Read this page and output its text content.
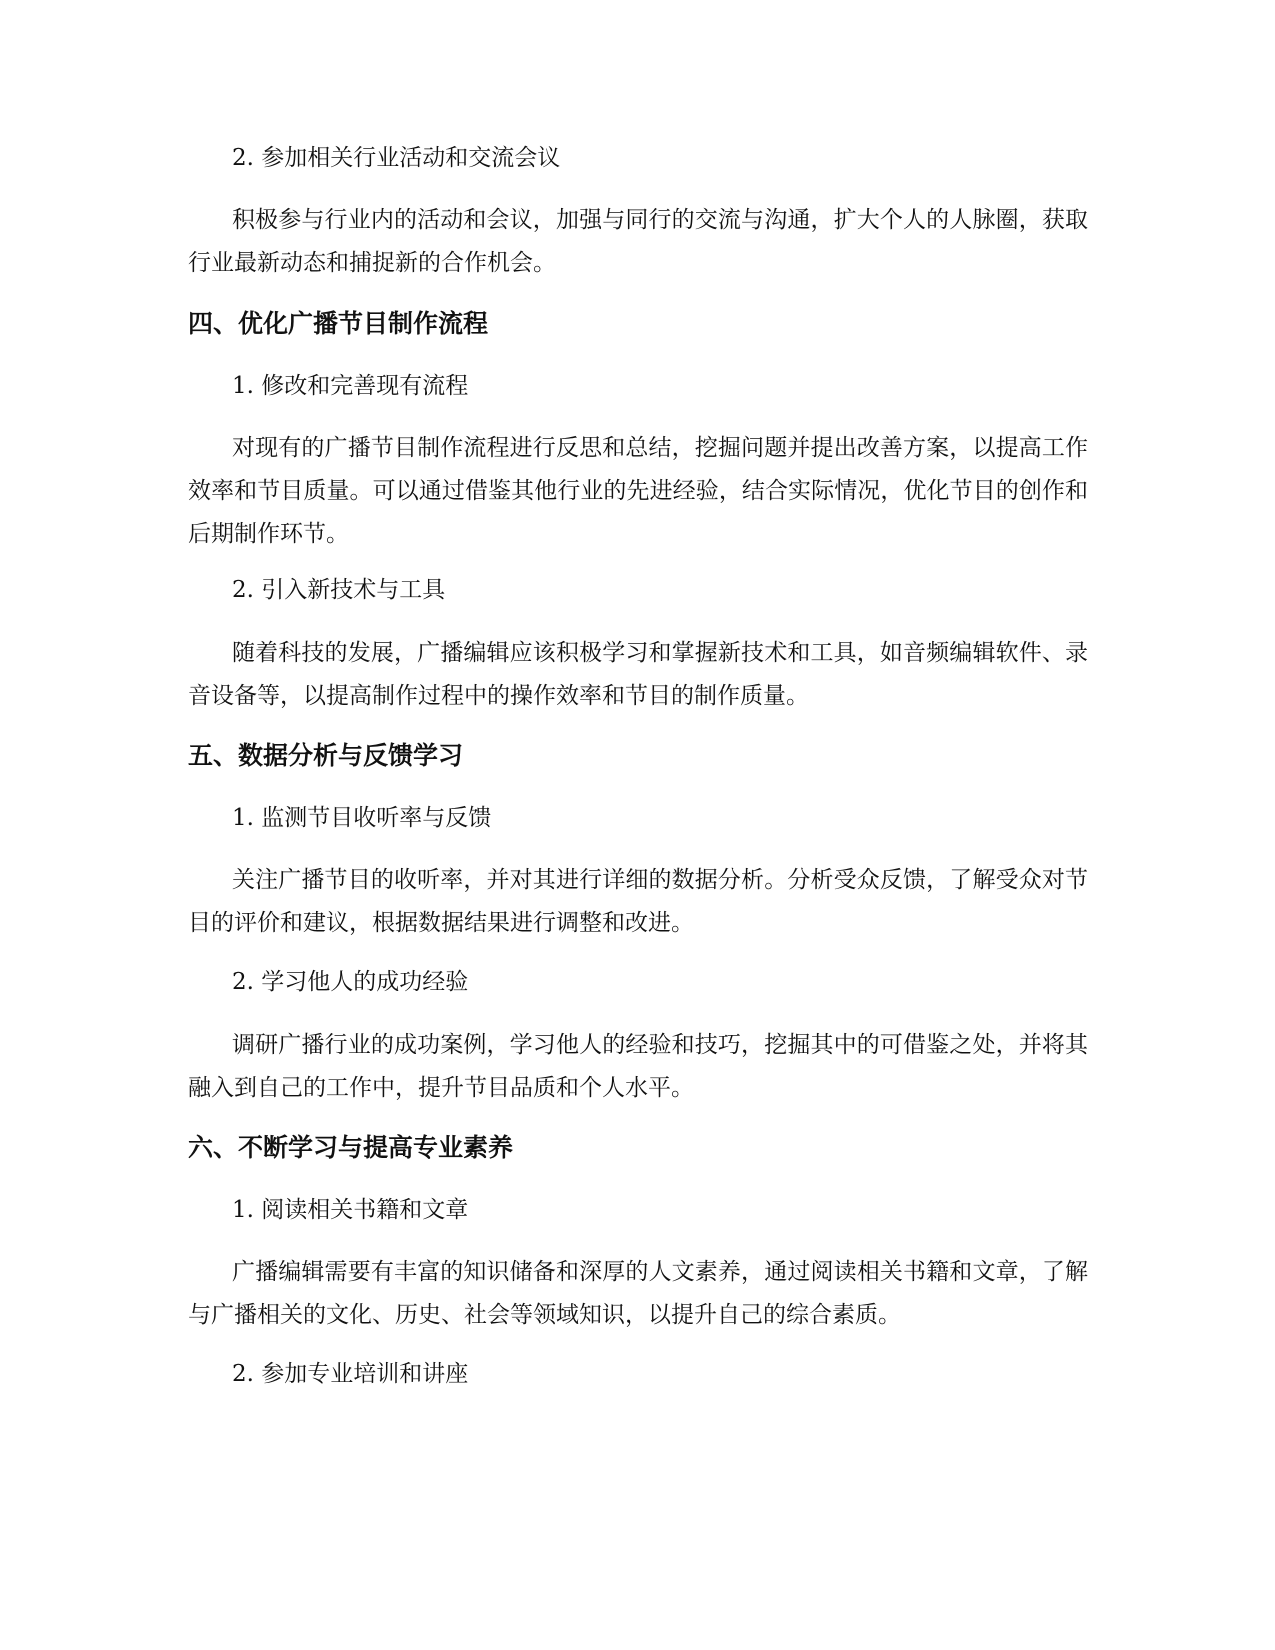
2. 参加相关行业活动和交流会议

积极参与行业内的活动和会议，加强与同行的交流与沟通，扩大个人的人脉圈，获取行业最新动态和捕捉新的合作机会。

四、优化广播节目制作流程

1. 修改和完善现有流程

对现有的广播节目制作流程进行反思和总结，挖掘问题并提出改善方案，以提高工作效率和节目质量。可以通过借鉴其他行业的先进经验，结合实际情况，优化节目的创作和后期制作环节。

2. 引入新技术与工具

随着科技的发展，广播编辑应该积极学习和掌握新技术和工具，如音频编辑软件、录音设备等，以提高制作过程中的操作效率和节目的制作质量。

五、数据分析与反馈学习

1. 监测节目收听率与反馈

关注广播节目的收听率，并对其进行详细的数据分析。分析受众反馈，了解受众对节目的评价和建议，根据数据结果进行调整和改进。

2. 学习他人的成功经验

调研广播行业的成功案例，学习他人的经验和技巧，挖掘其中的可借鉴之处，并将其融入到自己的工作中，提升节目品质和个人水平。

六、不断学习与提高专业素养

1. 阅读相关书籍和文章

广播编辑需要有丰富的知识储备和深厚的人文素养，通过阅读相关书籍和文章，了解与广播相关的文化、历史、社会等领域知识，以提升自己的综合素质。

2. 参加专业培训和讲座
